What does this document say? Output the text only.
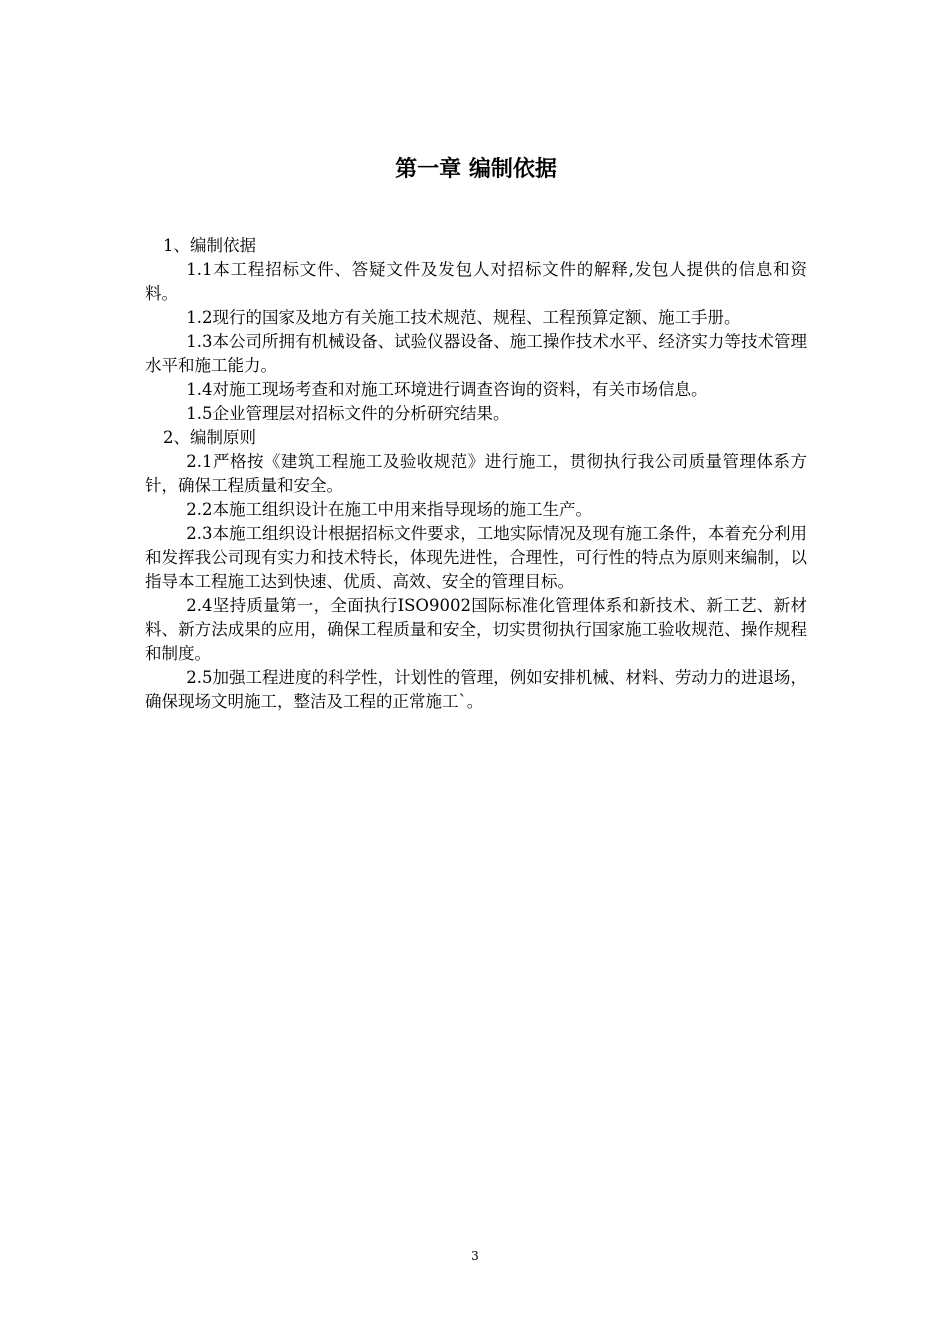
第一章 编制依据

1、编制依据

1.1本工程招标文件、答疑文件及发包人对招标文件的解释,发包人提供的信息和资料。

1.2现行的国家及地方有关施工技术规范、规程、工程预算定额、施工手册。

1.3本公司所拥有机械设备、试验仪器设备、施工操作技术水平、经济实力等技术管理水平和施工能力。

1.4对施工现场考查和对施工环境进行调查咨询的资料，有关市场信息。

1.5企业管理层对招标文件的分析研究结果。

2、编制原则

2.1严格按《建筑工程施工及验收规范》进行施工，贯彻执行我公司质量管理体系方针，确保工程质量和安全。

2.2本施工组织设计在施工中用来指导现场的施工生产。

2.3本施工组织设计根据招标文件要求，工地实际情况及现有施工条件，本着充分利用和发挥我公司现有实力和技术特长，体现先进性，合理性，可行性的特点为原则来编制，以指导本工程施工达到快速、优质、高效、安全的管理目标。

2.4坚持质量第一，全面执行ISO9002国际标准化管理体系和新技术、新工艺、新材料、新方法成果的应用，确保工程质量和安全，切实贯彻执行国家施工验收规范、操作规程和制度。

2.5加强工程进度的科学性，计划性的管理，例如安排机械、材料、劳动力的进退场，确保现场文明施工，整洁及工程的正常施工`。

3
